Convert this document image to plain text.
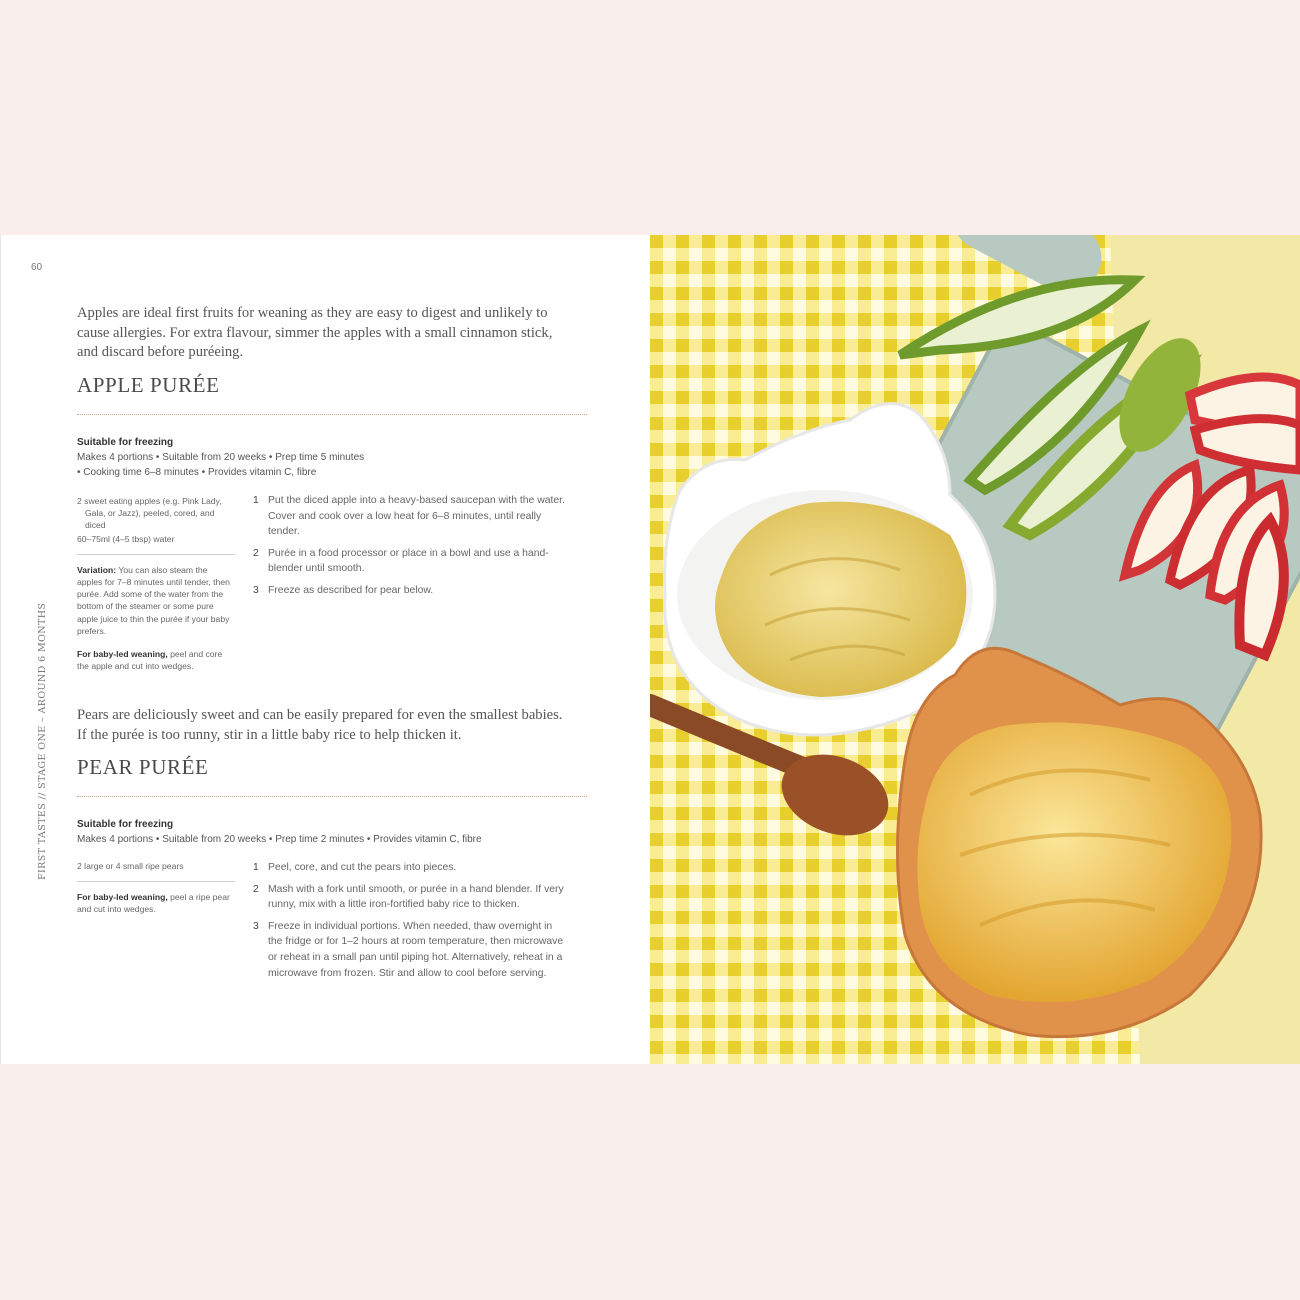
60
FIRST TASTES // STAGE ONE – AROUND 6 MONTHS
Apples are ideal first fruits for weaning as they are easy to digest and unlikely to cause allergies. For extra flavour, simmer the apples with a small cinnamon stick, and discard before puréeing.
APPLE PURÉE
Suitable for freezing
Makes 4 portions • Suitable from 20 weeks • Prep time 5 minutes
• Cooking time 6–8 minutes • Provides vitamin C, fibre
2 sweet eating apples (e.g. Pink Lady, Gala, or Jazz), peeled, cored, and diced
60–75ml (4–5 tbsp) water
Variation: You can also steam the apples for 7–8 minutes until tender, then purée. Add some of the water from the bottom of the steamer or some pure apple juice to thin the purée if your baby prefers.
For baby-led weaning, peel and core the apple and cut into wedges.
1 Put the diced apple into a heavy-based saucepan with the water. Cover and cook over a low heat for 6–8 minutes, until really tender.
2 Purée in a food processor or place in a bowl and use a hand-blender until smooth.
3 Freeze as described for pear below.
Pears are deliciously sweet and can be easily prepared for even the smallest babies. If the purée is too runny, stir in a little baby rice to help thicken it.
PEAR PURÉE
Suitable for freezing
Makes 4 portions • Suitable from 20 weeks • Prep time 2 minutes • Provides vitamin C, fibre
2 large or 4 small ripe pears
For baby-led weaning, peel a ripe pear and cut into wedges.
1 Peel, core, and cut the pears into pieces.
2 Mash with a fork until smooth, or purée in a hand blender. If very runny, mix with a little iron-fortified baby rice to thicken.
3 Freeze in individual portions. When needed, thaw overnight in the fridge or for 1–2 hours at room temperature, then microwave or reheat in a small pan until piping hot. Alternatively, reheat in a microwave from frozen. Stir and allow to cool before serving.
